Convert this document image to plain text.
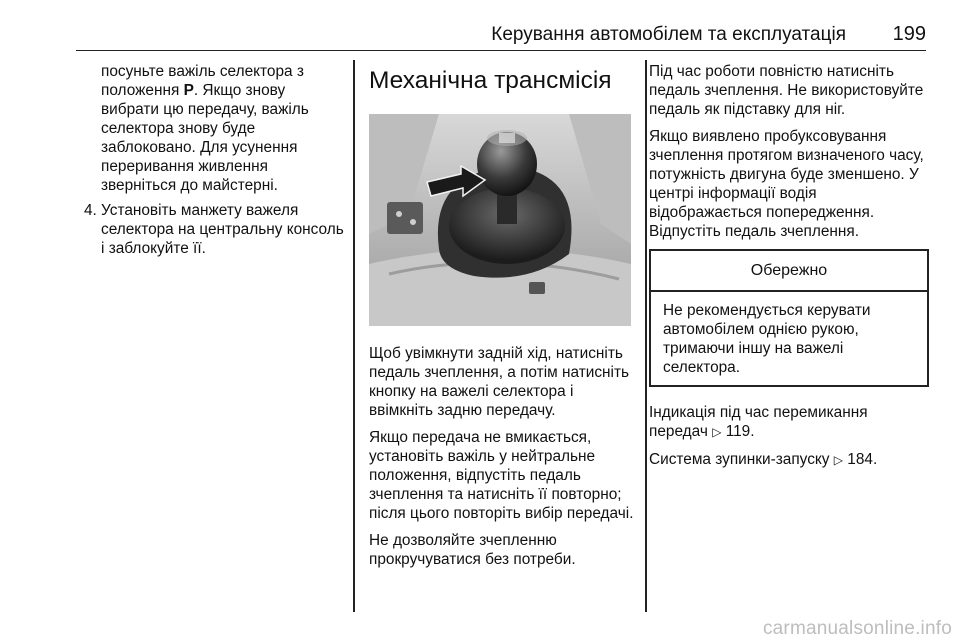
Керування автомобілем та експлуатація 199

посуньте важіль селектора з
положення P. Якщо знову вибрати цю передачу, важіль селектора знову буде заблоковано. Для усунення переривання живлення зверніться до майстерні.

4. Установіть манжету важеля селектора на центральну консоль і заблокуйте її.
Механічна трансмісія

Щоб увімкнути задній хід, натисніть педаль зчеплення, а потім натисніть кнопку на важелі селектора і ввімкніть задню передачу.

Якщо передача не вмикається, установіть важіль у нейтральне положення, відпустіть педаль зчеплення та натисніть її повторно; після цього повторіть вибір передачі.

Не дозволяйте зчепленню прокручуватися без потреби.

Під час роботи повністю натисніть педаль зчеплення. Не використовуйте педаль як підставку для ніг.

Якщо виявлено пробуксовування зчеплення протягом визначеного часу, потужність двигуна буде зменшено. У центрі інформації водія відображається попередження. Відпустіть педаль зчеплення.

Обережно
Не рекомендується керувати автомобілем однією рукою, тримаючи іншу на важелі селектора.

Індикація під час перемикання передач ▷ 119.

Система зупинки-запуску ▷ 184.

carmanualsonline.info
